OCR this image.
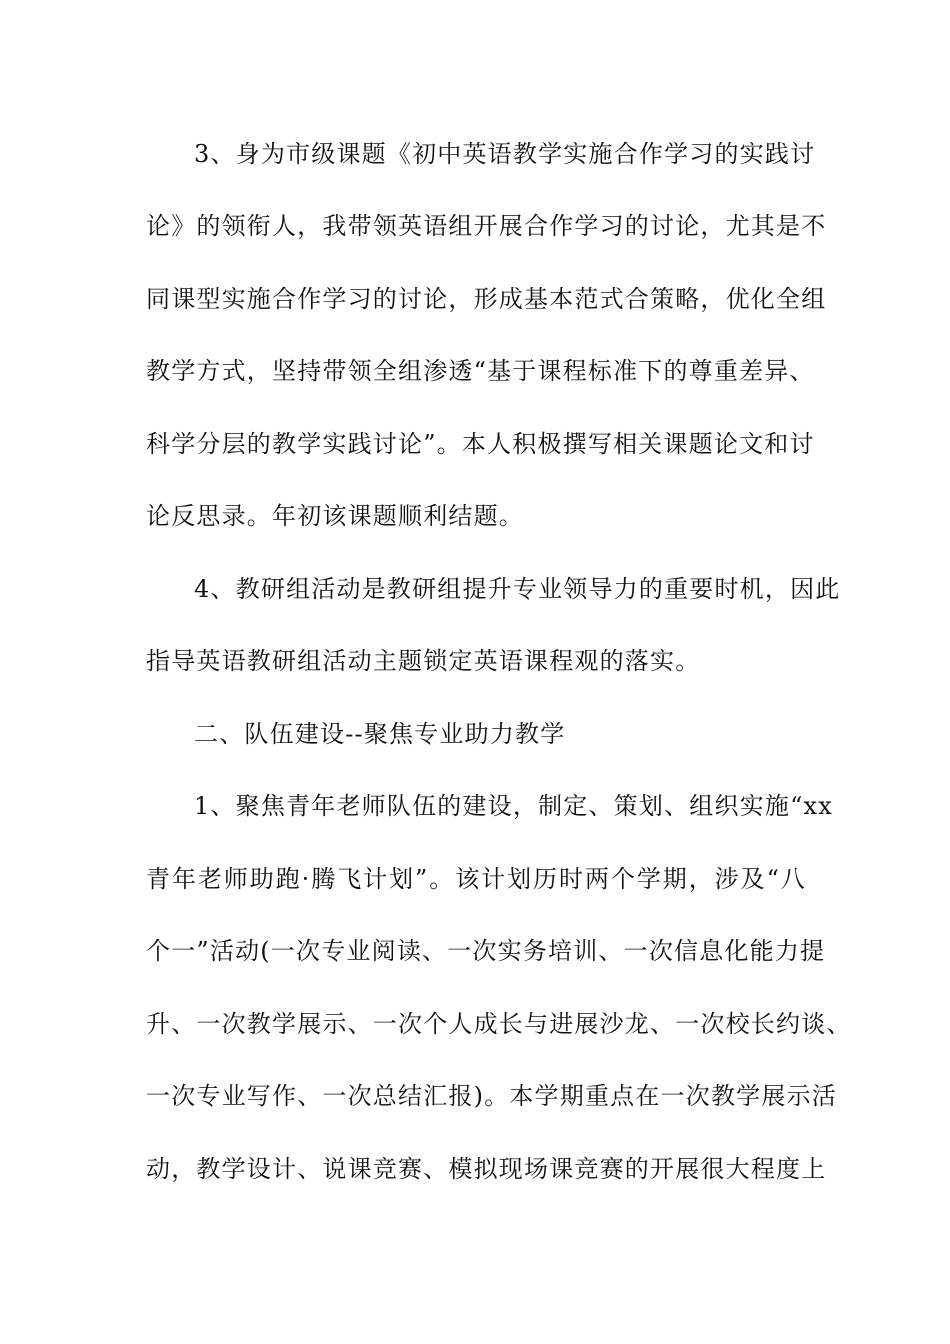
3、身为市级课题《初中英语教学实施合作学习的实践讨
论》的领衔人，我带领英语组开展合作学习的讨论，尤其是不
同课型实施合作学习的讨论，形成基本范式合策略，优化全组
教学方式，坚持带领全组渗透“基于课程标准下的尊重差异、
科学分层的教学实践讨论”。本人积极撰写相关课题论文和讨
论反思录。年初该课题顺利结题。
4、教研组活动是教研组提升专业领导力的重要时机，因此
指导英语教研组活动主题锁定英语课程观的落实。
二、队伍建设--聚焦专业助力教学
1、聚焦青年老师队伍的建设，制定、策划、组织实施“xx
青年老师助跑·腾飞计划”。该计划历时两个学期，涉及“八
个一”活动(一次专业阅读、一次实务培训、一次信息化能力提
升、一次教学展示、一次个人成长与进展沙龙、一次校长约谈、
一次专业写作、一次总结汇报)。本学期重点在一次教学展示活
动，教学设计、说课竞赛、模拟现场课竞赛的开展很大程度上
